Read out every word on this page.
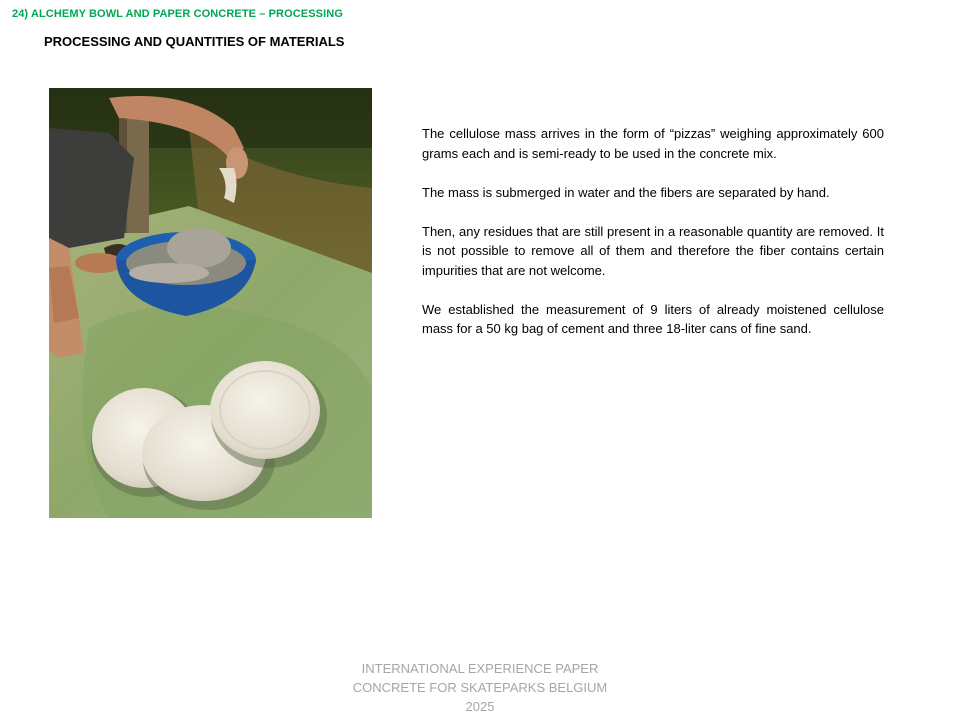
24) ALCHEMY BOWL AND PAPER CONCRETE – PROCESSING
PROCESSING AND QUANTITIES OF MATERIALS

The cellulose mass arrives in the form of “pizzas” weighing approximately 600 grams each and is semi-ready to be used in the concrete mix.

The mass is submerged in water and the fibers are separated by hand.

Then, any residues that are still present in a reasonable quantity are removed. It is not possible to remove all of them and therefore the fiber contains certain impurities that are not welcome.

We established the measurement of 9 liters of already moistened cellulose mass for a 50 kg bag of cement and three 18-liter cans of fine sand.

INTERNATIONAL EXPERIENCE PAPER
CONCRETE FOR SKATEPARKS BELGIUM
2025
